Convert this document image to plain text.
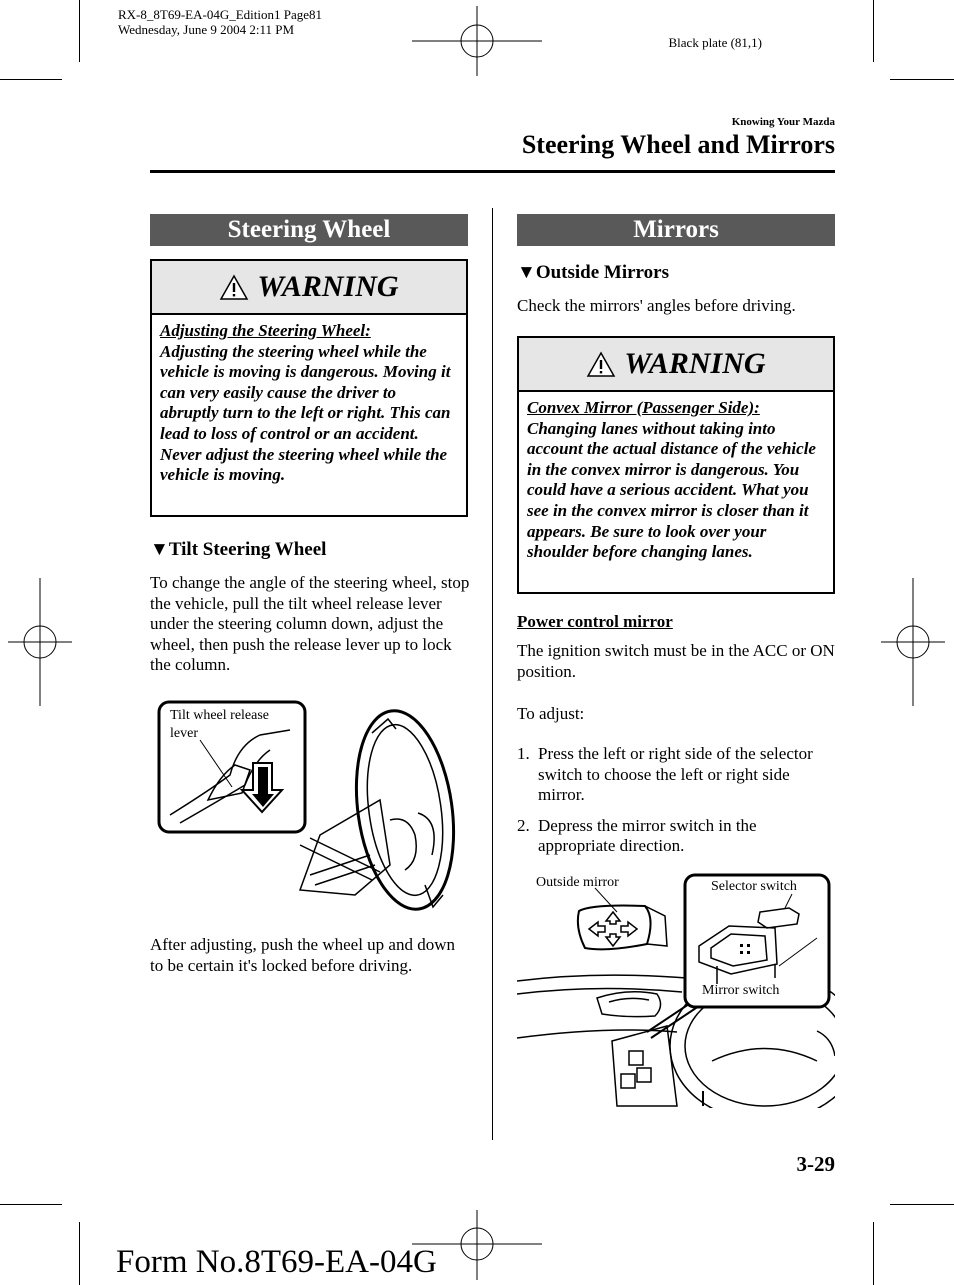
RX-8_8T69-EA-04G_Edition1 Page81
Wednesday, June 9 2004 2:11 PM
Black plate (81,1)
Knowing Your Mazda
Steering Wheel and Mirrors
Steering Wheel
WARNING
Adjusting the Steering Wheel:
Adjusting the steering wheel while the vehicle is moving is dangerous. Moving it can very easily cause the driver to abruptly turn to the left or right. This can lead to loss of control or an accident. Never adjust the steering wheel while the vehicle is moving.
▼Tilt Steering Wheel
To change the angle of the steering wheel, stop the vehicle, pull the tilt wheel release lever under the steering column down, adjust the wheel, then push the release lever up to lock the column.
Tilt wheel release
lever
After adjusting, push the wheel up and down to be certain it's locked before driving.
Mirrors
▼Outside Mirrors
Check the mirrors' angles before driving.
WARNING
Convex Mirror (Passenger Side):
Changing lanes without taking into account the actual distance of the vehicle in the convex mirror is dangerous. You could have a serious accident. What you see in the convex mirror is closer than it appears. Be sure to look over your shoulder before changing lanes.
Power control mirror
The ignition switch must be in the ACC or ON position.
To adjust:
1. Press the left or right side of the selector switch to choose the left or right side mirror.
2. Depress the mirror switch in the appropriate direction.
Outside mirror	Selector switch
Mirror switch
3-29
Form No.8T69-EA-04G
